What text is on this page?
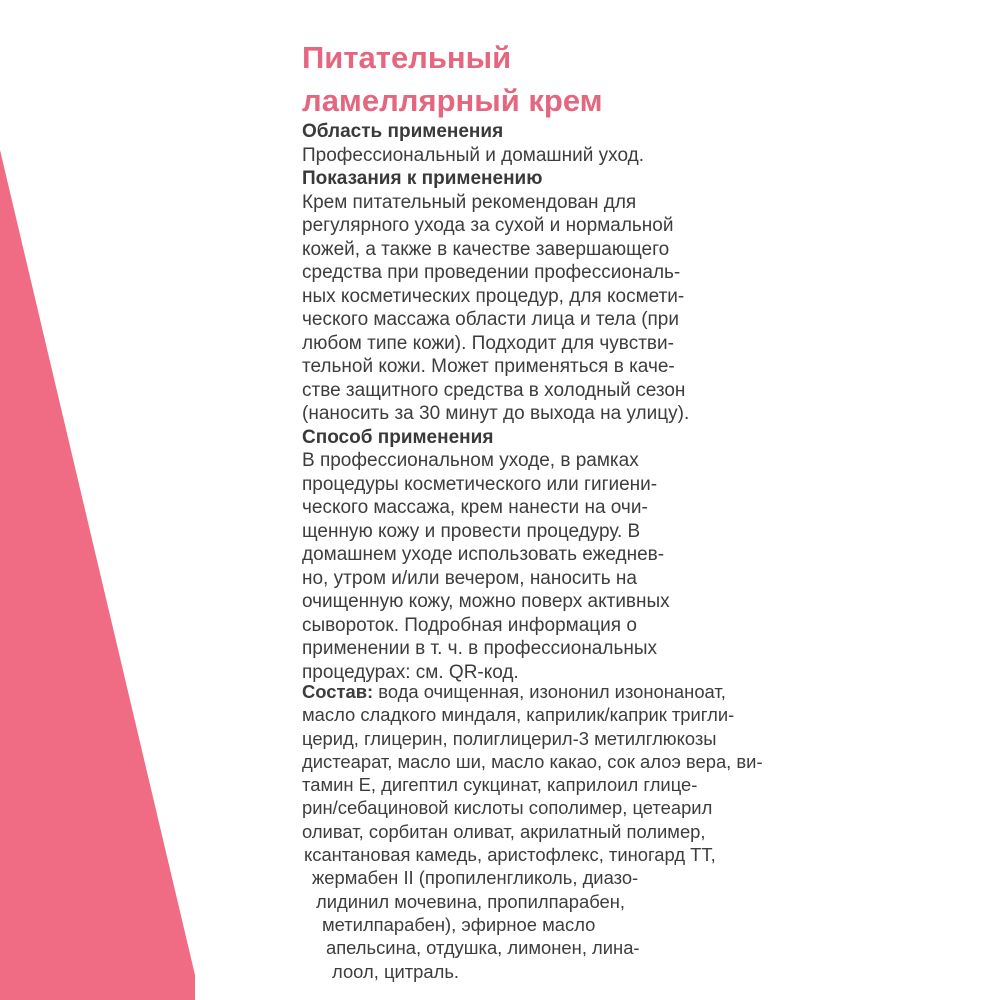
Питательный
ламеллярный крем
Область применения
Профессиональный и домашний уход.
Показания к применению
Крем питательный рекомендован для
регулярного ухода за сухой и нормальной
кожей, а также в качестве завершающего
средства при проведении профессиональ-
ных косметических процедур, для космети-
ческого массажа области лица и тела (при
любом типе кожи). Подходит для чувстви-
тельной кожи. Может применяться в каче-
стве защитного средства в холодный сезон
(наносить за 30 минут до выхода на улицу).
Способ применения
В профессиональном уходе, в рамках
процедуры косметического или гигиени-
ческого массажа, крем нанести на очи-
щенную кожу и провести процедуру. В
домашнем уходе использовать ежеднев-
но, утром и/или вечером, наносить на
очищенную кожу, можно поверх активных
сывороток. Подробная информация о
применении в т. ч. в профессиональных
процедурах: см. QR-код.
Состав: вода очищенная, изононил изононаноат,
масло сладкого миндаля, каприлик/каприк тригли-
церид, глицерин, полиглицерил-3 метилглюкозы
дистеарат, масло ши, масло какао, сок алоэ вера, ви-
тамин Е, дигептил сукцинат, каприлоил глице-
рин/себациновой кислоты сополимер, цетеарил
оливат, сорбитан оливат, акрилатный полимер,
ксантановая камедь, аристофлекс, тиногард ТТ,
жермабен II (пропиленгликоль, диазо-
лидинил мочевина, пропилпарабен,
метилпарабен), эфирное масло
апельсина, отдушка, лимонен, лина-
лоол, цитраль.
